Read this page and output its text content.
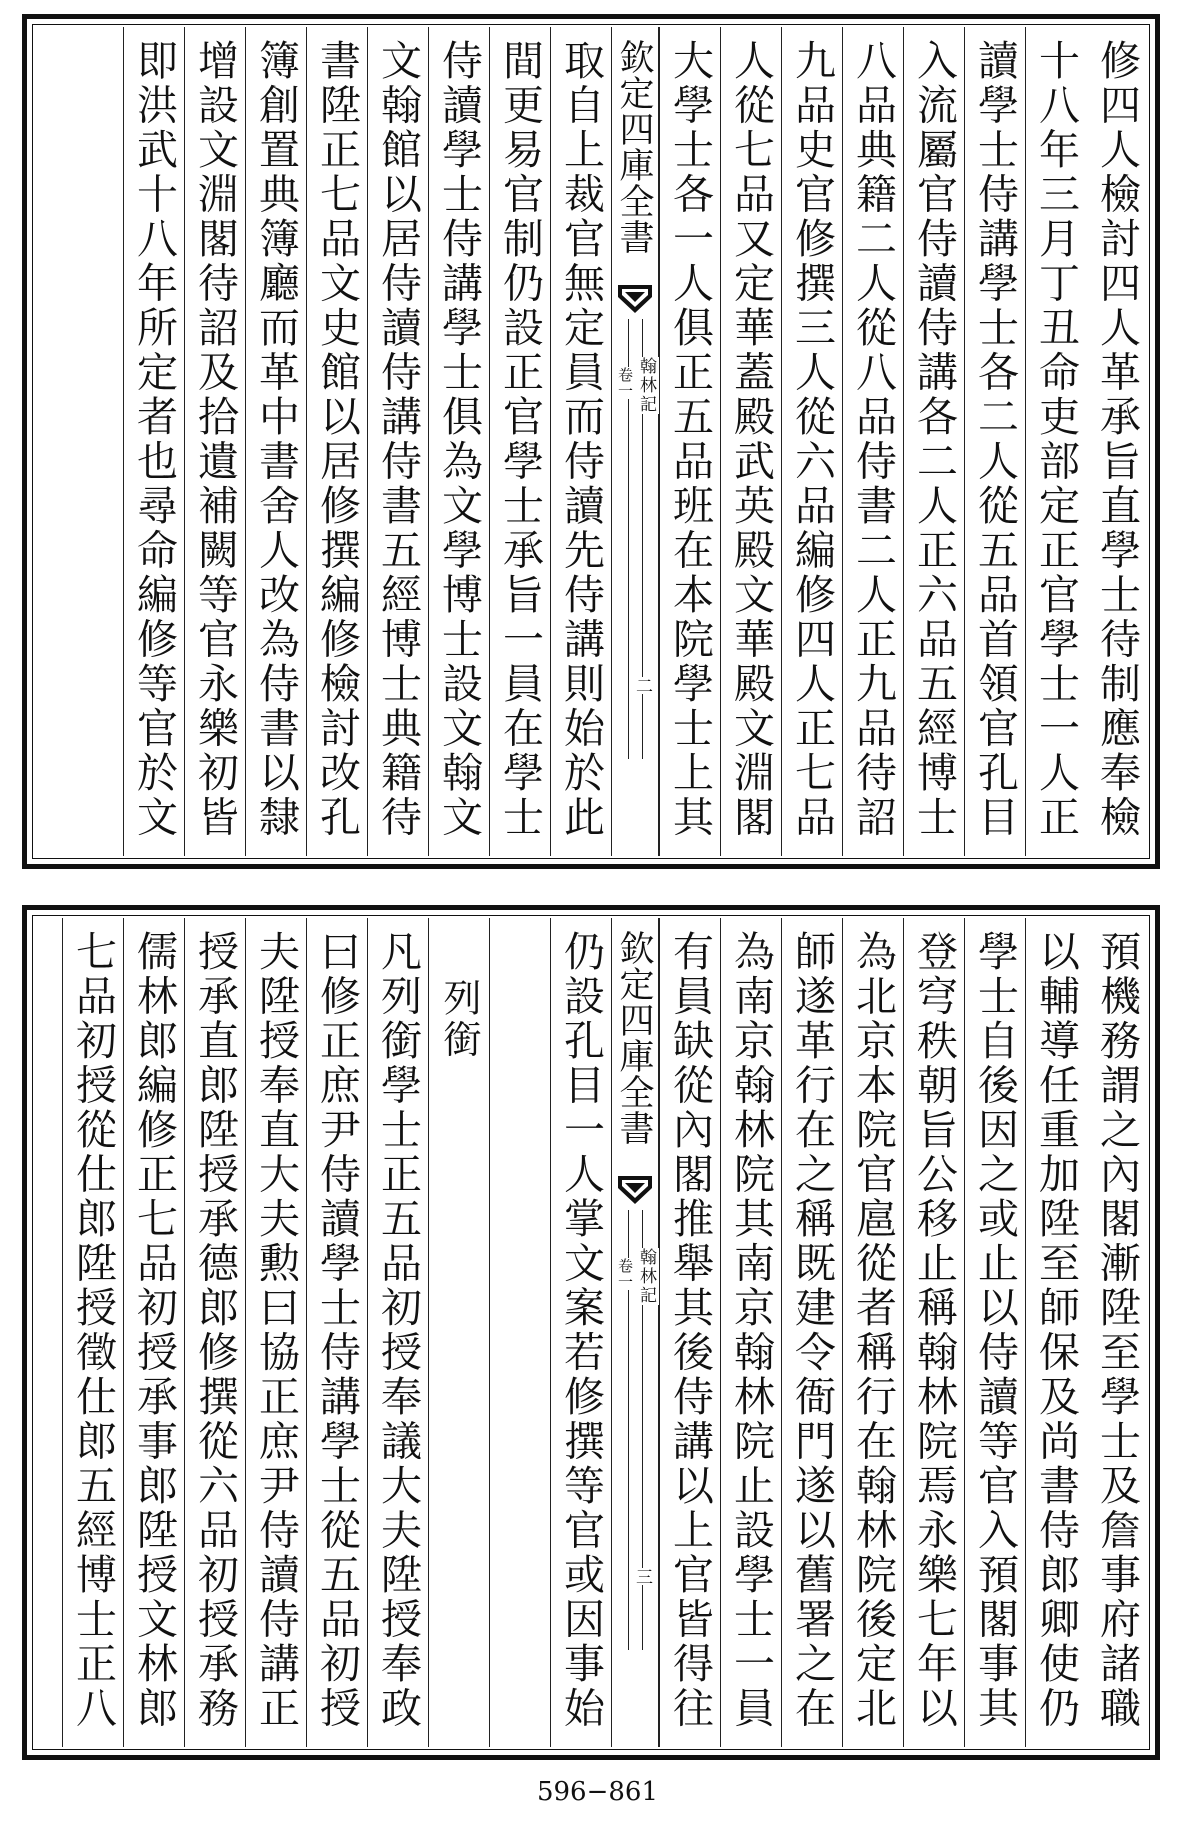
修四人檢討四人革承旨直學士待制應奉檢
十八年三月丁丑命吏部定正官學士一人正
讀學士侍講學士各二人從五品首領官孔目
入流屬官侍讀侍講各二人正六品五經博士
八品典籍二人從八品侍書二人正九品待詔
九品史官修撰三人從六品編修四人正七品
人從七品又定華蓋殿武英殿文華殿文淵閣
大學士各一人俱正五品班在本院學士上其
欽定四庫全書
翰林記
卷一
二
取自上裁官無定員而侍讀先侍講則始於此
間更易官制仍設正官學士承旨一員在學士
侍讀學士侍講學士俱為文學博士設文翰文
文翰館以居侍讀侍講侍書五經博士典籍待
書陞正七品文史館以居修撰編修檢討改孔
簿創置典簿廳而革中書舍人改為侍書以隸
增設文淵閣待詔及拾遺補闕等官永樂初皆
即洪武十八年所定者也尋命編修等官於文
預機務謂之內閣漸陞至學士及詹事府諸職
以輔導任重加陞至師保及尚書侍郎卿使仍
學士自後因之或止以侍讀等官入預閣事其
登穹秩朝旨公移止稱翰林院焉永樂七年以
為北京本院官扈從者稱行在翰林院後定北
師遂革行在之稱既建令衙門遂以舊署之在
為南京翰林院其南京翰林院止設學士一員
有員缺從內閣推舉其後侍講以上官皆得往
欽定四庫全書
翰林記
卷一
三
仍設孔目一人掌文案若修撰等官或因事始
列銜
凡列銜學士正五品初授奉議大夫陞授奉政
曰修正庶尹侍讀學士侍講學士從五品初授
夫陞授奉直大夫勲曰協正庶尹侍讀侍講正
授承直郎陞授承德郎修撰從六品初授承務
儒林郎編修正七品初授承事郎陞授文林郎
七品初授從仕郎陞授徵仕郎五經博士正八
596−861
